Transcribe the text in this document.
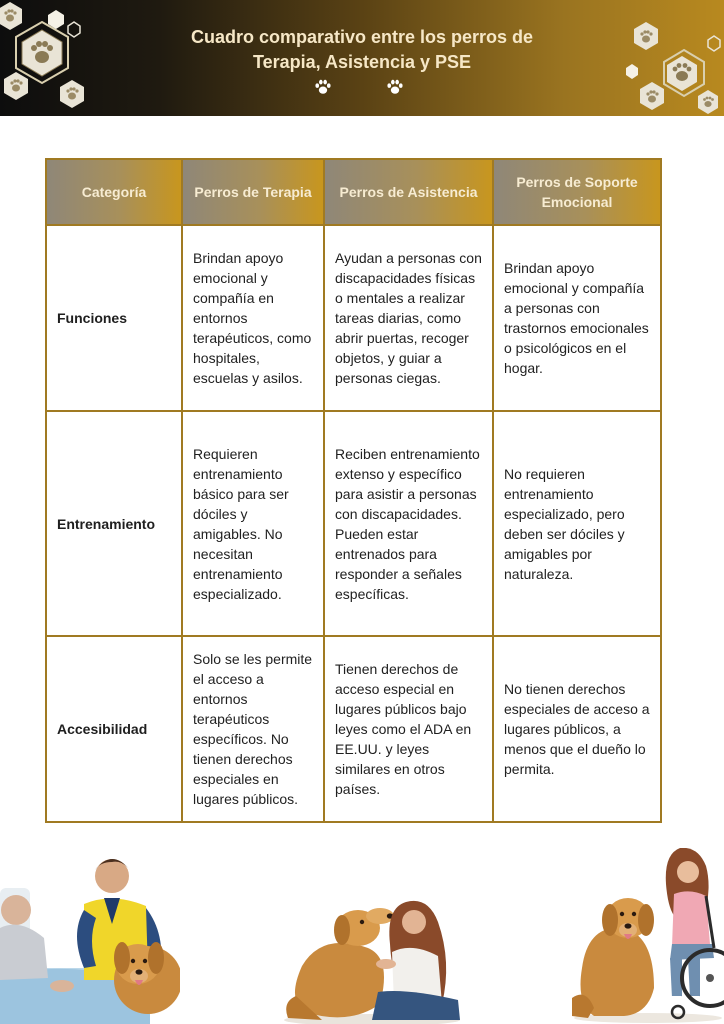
Cuadro comparativo entre los perros de
Terapia, Asistencia y PSE
Categoría	Perros de Terapia	Perros de Asistencia	Perros de Soporte Emocional
Funciones	Brindan apoyo emocional y compañía en entornos terapéuticos, como hospitales, escuelas y asilos.	Ayudan a personas con discapacidades físicas o mentales a realizar tareas diarias, como abrir puertas, recoger objetos, y guiar a personas ciegas.	Brindan apoyo emocional y compañía a personas con trastornos emocionales o psicológicos en el hogar.
Entrenamiento	Requieren entrenamiento básico para ser dóciles y amigables. No necesitan entrenamiento especializado.	Reciben entrenamiento extenso y específico para asistir a personas con discapacidades. Pueden estar entrenados para responder a señales específicas.	No requieren entrenamiento especializado, pero deben ser dóciles y amigables por naturaleza.
Accesibilidad	Solo se les permite el acceso a entornos terapéuticos específicos. No tienen derechos especiales en lugares públicos.	Tienen derechos de acceso especial en lugares públicos bajo leyes como el ADA en EE.UU. y leyes similares en otros países.	No tienen derechos especiales de acceso a lugares públicos, a menos que el dueño lo permita.
